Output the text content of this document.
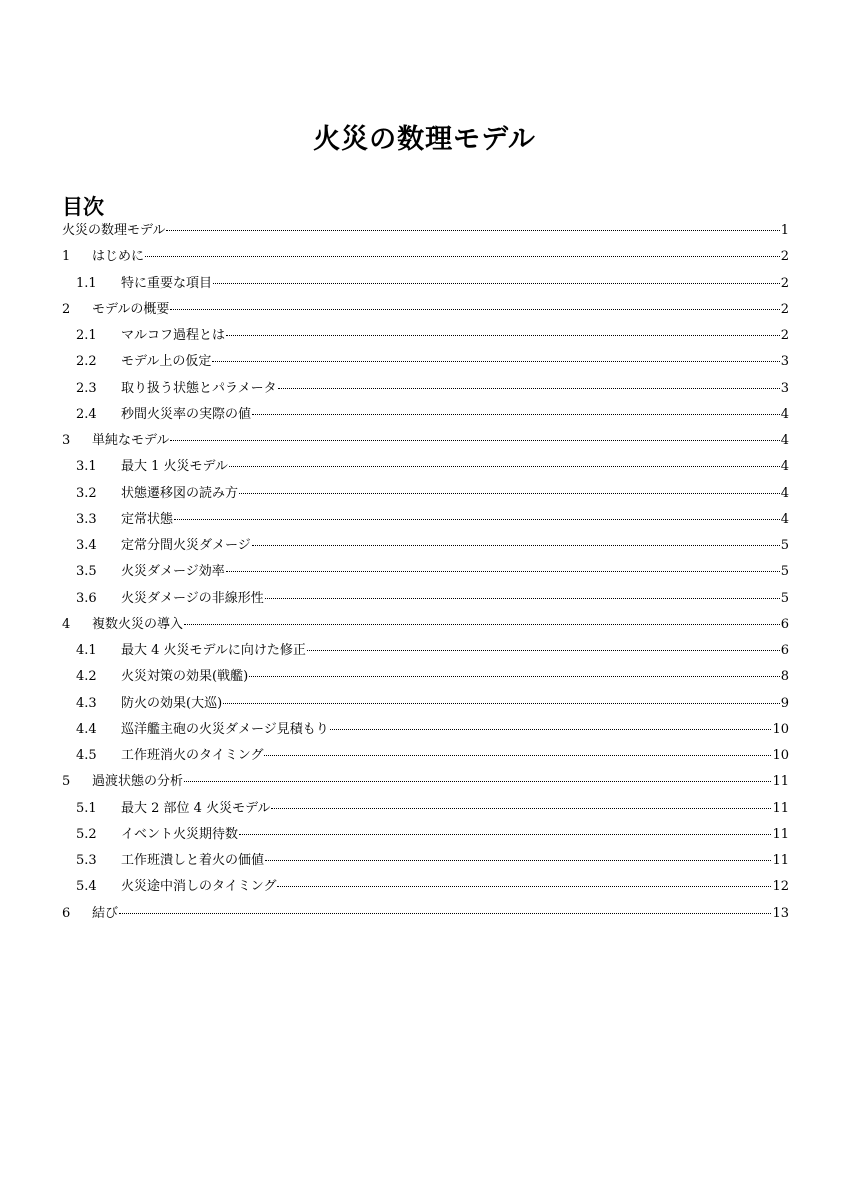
火災の数理モデル
目次
火災の数理モデル	1
1	はじめに	2
1.1	特に重要な項目	2
2	モデルの概要	2
2.1	マルコフ過程とは	2
2.2	モデル上の仮定	3
2.3	取り扱う状態とパラメータ	3
2.4	秒間火災率の実際の値	4
3	単純なモデル	4
3.1	最大 1 火災モデル	4
3.2	状態遷移図の読み方	4
3.3	定常状態	4
3.4	定常分間火災ダメージ	5
3.5	火災ダメージ効率	5
3.6	火災ダメージの非線形性	5
4	複数火災の導入	6
4.1	最大 4 火災モデルに向けた修正	6
4.2	火災対策の効果(戦艦)	8
4.3	防火の効果(大巡)	9
4.4	巡洋艦主砲の火災ダメージ見積もり	10
4.5	工作班消火のタイミング	10
5	過渡状態の分析	11
5.1	最大 2 部位 4 火災モデル	11
5.2	イベント火災期待数	11
5.3	工作班潰しと着火の価値	11
5.4	火災途中消しのタイミング	12
6	結び	13
